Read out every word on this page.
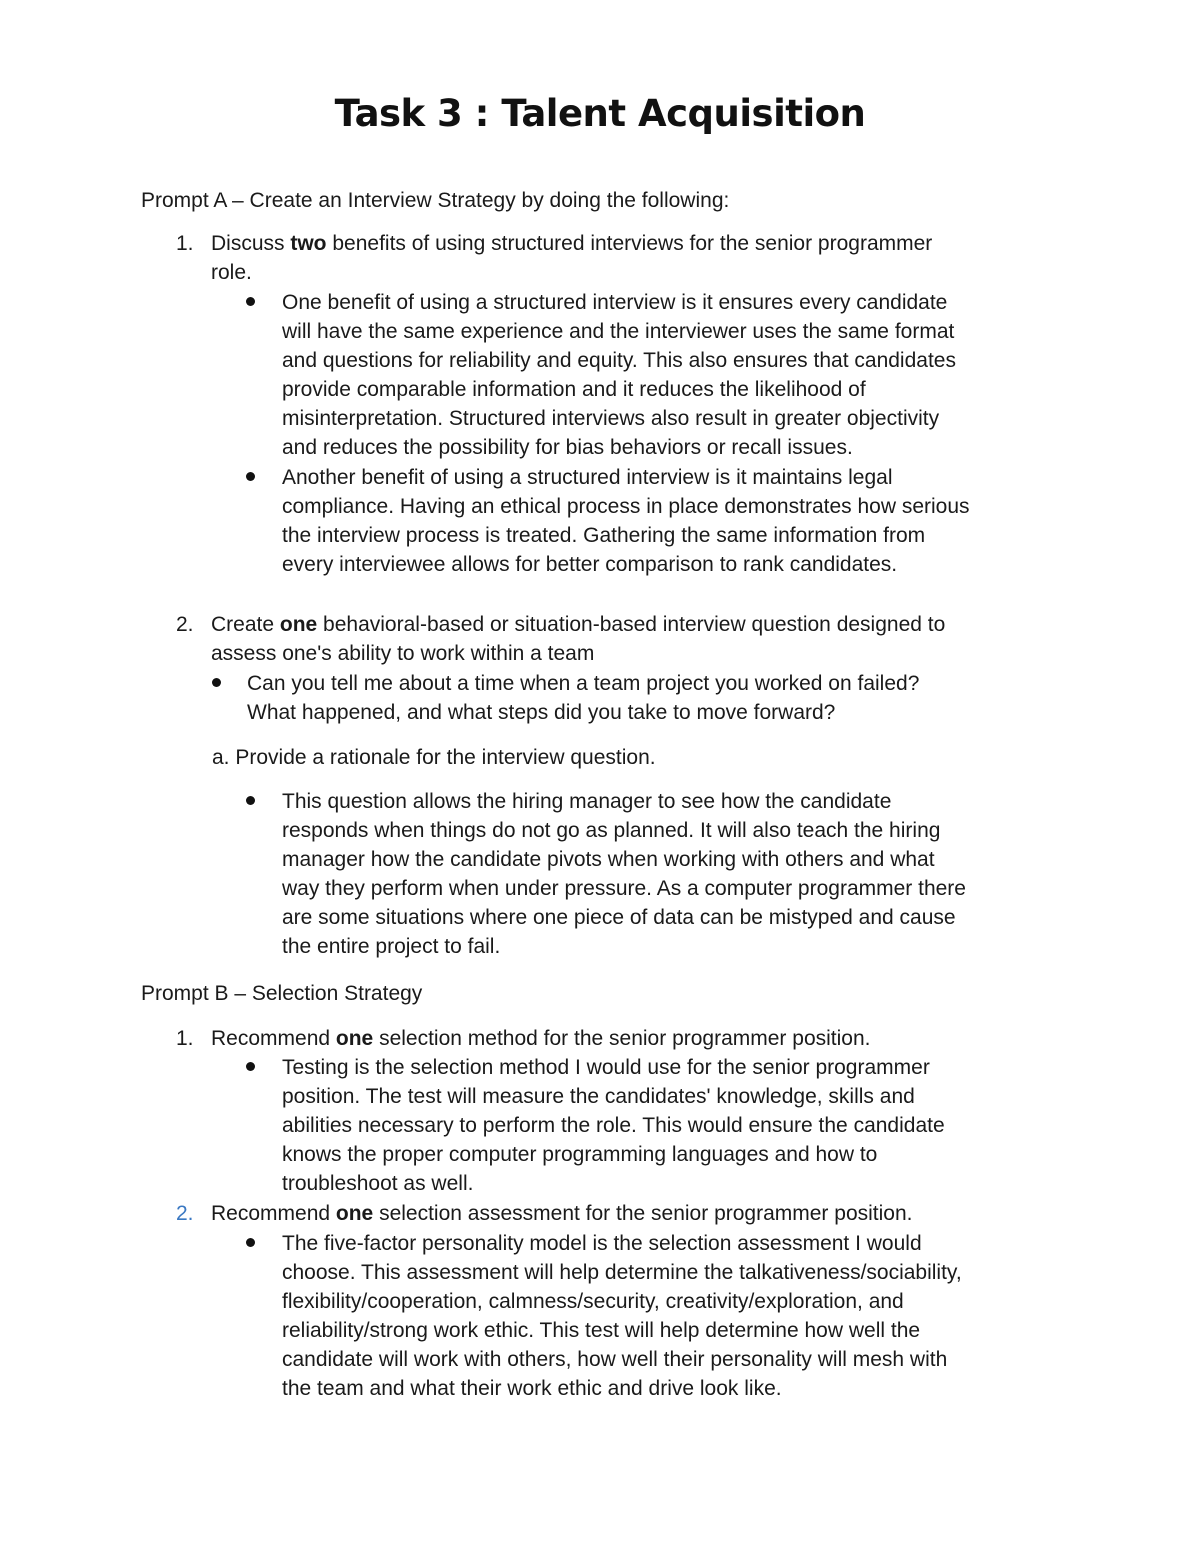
Task 3 : Talent Acquisition
Prompt A – Create an Interview Strategy by doing the following:
1. Discuss two benefits of using structured interviews for the senior programmer
role.
One benefit of using a structured interview is it ensures every candidate
will have the same experience and the interviewer uses the same format
and questions for reliability and equity. This also ensures that candidates
provide comparable information and it reduces the likelihood of
misinterpretation. Structured interviews also result in greater objectivity
and reduces the possibility for bias behaviors or recall issues.
Another benefit of using a structured interview is it maintains legal
compliance. Having an ethical process in place demonstrates how serious
the interview process is treated. Gathering the same information from
every interviewee allows for better comparison to rank candidates.
2. Create one behavioral-based or situation-based interview question designed to
assess one's ability to work within a team
Can you tell me about a time when a team project you worked on failed?
What happened, and what steps did you take to move forward?
a. Provide a rationale for the interview question.
This question allows the hiring manager to see how the candidate
responds when things do not go as planned. It will also teach the hiring
manager how the candidate pivots when working with others and what
way they perform when under pressure. As a computer programmer there
are some situations where one piece of data can be mistyped and cause
the entire project to fail.
Prompt B – Selection Strategy
1. Recommend one selection method for the senior programmer position.
Testing is the selection method I would use for the senior programmer
position. The test will measure the candidates' knowledge, skills and
abilities necessary to perform the role. This would ensure the candidate
knows the proper computer programming languages and how to
troubleshoot as well.
2. Recommend one selection assessment for the senior programmer position.
The five-factor personality model is the selection assessment I would
choose. This assessment will help determine the talkativeness/sociability,
flexibility/cooperation, calmness/security, creativity/exploration, and
reliability/strong work ethic. This test will help determine how well the
candidate will work with others, how well their personality will mesh with
the team and what their work ethic and drive look like.
